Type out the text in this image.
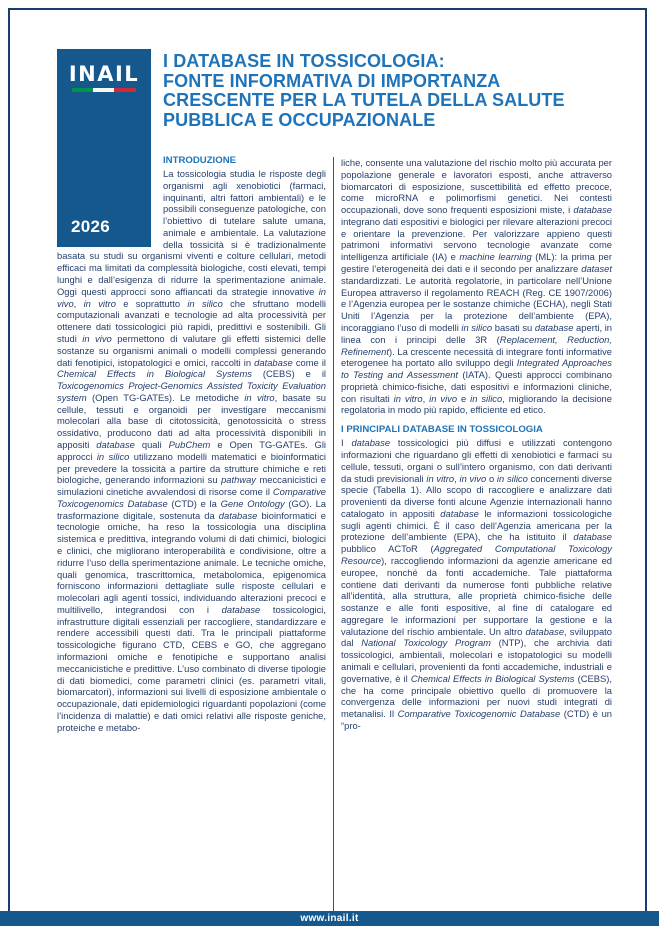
INAIL
2026
I DATABASE IN TOSSICOLOGIA:
FONTE INFORMATIVA DI IMPORTANZA
CRESCENTE PER LA TUTELA DELLA SALUTE
PUBBLICA E OCCUPAZIONALE
INTRODUZIONE

La tossicologia studia le risposte degli organismi agli xenobiotici (farmaci, inquinanti, altri fattori ambientali) e le possibili conseguenze patologiche, con l’obiettivo di tutelare salute umana, animale e ambientale. La valutazione della tossicità si è tradizionalmente basata su studi su organismi viventi e colture cellulari, metodi efficaci ma limitati da complessità biologiche, costi elevati, tempi lunghi e dall’esigenza di ridurre la sperimentazione animale. Oggi questi approcci sono affiancati da strategie innovative in vivo, in vitro e soprattutto in silico che sfruttano modelli computazionali avanzati e tecnologie ad alta processività per ottenere dati tossicologici più rapidi, predittivi e sostenibili. Gli studi in vivo permettono di valutare gli effetti sistemici delle sostanze su organismi animali o modelli complessi generando dati fenotipici, istopatologici e omici, raccolti in database come il Chemical Effects in Biological Systems (CEBS) e il Toxicogenomics Project-Genomics Assisted Toxicity Evaluation system (Open TG-GATEs). Le metodiche in vitro, basate su cellule, tessuti e organoidi per investigare meccanismi molecolari alla base di citotossicità, genotossicità o stress ossidativo, producono dati ad alta processività disponibili in appositi database quali PubChem e Open TG-GATEs. Gli approcci in silico utilizzano modelli matematici e bioinformatici per prevedere la tossicità a partire da strutture chimiche e reti biologiche, generando informazioni su pathway meccanicistici e simulazioni cinetiche avvalendosi di risorse come il Comparative Toxicogenomics Database (CTD) e la Gene Ontology (GO). La trasformazione digitale, sostenuta da database bioinformatici e tecnologie omiche, ha reso la tossicologia una disciplina sistemica e predittiva, integrando volumi di dati chimici, biologici e clinici, che migliorano interoperabilità e condivisione, oltre a ridurre l’uso della sperimentazione animale. Le tecniche omiche, quali genomica, trascrittomica, metabolomica, epigenomica forniscono informazioni dettagliate sulle risposte cellulari e molecolari agli agenti tossici, individuando alterazioni precoci e multilivello, integrandosi con i database tossicologici, infrastrutture digitali essenziali per raccogliere, standardizzare e rendere accessibili questi dati. Tra le principali piattaforme tossicologiche figurano CTD, CEBS e GO, che aggregano informazioni omiche e fenotipiche e supportano analisi meccanicistiche e predittive. L’uso combinato di diverse tipologie di dati biomedici, come parametri clinici (es. parametri vitali, biomarcatori), informazioni sui livelli di esposizione ambientale o occupazionale, dati epidemiologici riguardanti popolazioni (come l’incidenza di malattie) e dati omici relativi alle risposte geniche, proteiche e metabo-

liche, consente una valutazione del rischio molto più accurata per popolazione generale e lavoratori esposti, anche attraverso biomarcatori di esposizione, suscettibilità ed effetto precoce, come microRNA e polimorfismi genetici. Nei contesti occupazionali, dove sono frequenti esposizioni miste, i database integrano dati espositivi e biologici per rilevare alterazioni precoci e orientare la prevenzione. Per valorizzare appieno questi patrimoni informativi servono tecnologie avanzate come intelligenza artificiale (IA) e machine learning (ML): la prima per gestire l’eterogeneità dei dati e il secondo per analizzare dataset standardizzati. Le autorità regolatorie, in particolare nell’Unione Europea attraverso il regolamento REACH (Reg. CE 1907/2006) e l’Agenzia europea per le sostanze chimiche (ECHA), negli Stati Uniti l’Agenzia per la protezione dell’ambiente (EPA), incoraggiano l’uso di modelli in silico basati su database aperti, in linea con i principi delle 3R (Replacement, Reduction, Refinement). La crescente necessità di integrare fonti informative eterogenee ha portato allo sviluppo degli Integrated Approaches to Testing and Assessment (IATA). Questi approcci combinano proprietà chimico-fisiche, dati espositivi e informazioni cliniche, con risultati in vitro, in vivo e in silico, migliorando la decisione regolatoria in modo più rapido, efficiente ed etico.

I PRINCIPALI DATABASE IN TOSSICOLOGIA

I database tossicologici più diffusi e utilizzati contengono informazioni che riguardano gli effetti di xenobiotici e farmaci su cellule, tessuti, organi o sull’intero organismo, con dati derivanti da studi previsionali in vitro, in vivo o in silico concernenti diverse specie (Tabella 1). Allo scopo di raccogliere e analizzare dati provenienti da diverse fonti alcune Agenzie internazionali hanno catalogato in appositi database le informazioni tossicologiche sugli agenti chimici. È il caso dell’Agenzia americana per la protezione dell’ambiente (EPA), che ha istituito il database pubblico ACToR (Aggregated Computational Toxicology Resource), raccogliendo informazioni da agenzie americane ed europee, nonché da fonti accademiche. Tale piattaforma contiene dati derivanti da numerose fonti pubbliche relative all’identità, alla struttura, alle proprietà chimico-fisiche delle sostanze e alle fonti espositive, al fine di catalogare ed aggregare le informazioni per supportare la gestione e la valutazione del rischio ambientale. Un altro database, sviluppato dal National Toxicology Program (NTP), che archivia dati tossicologici, ambientali, molecolari e istopatologici su modelli animali e cellulari, provenienti da fonti accademiche, industriali e governative, è il Chemical Effects in Biological Systems (CEBS), che ha come principale obiettivo quello di promuovere la convergenza delle informazioni per nuovi studi integrati di metanalisi. Il Comparative Toxicogenomic Database (CTD) è un “pro-

www.inail.it
